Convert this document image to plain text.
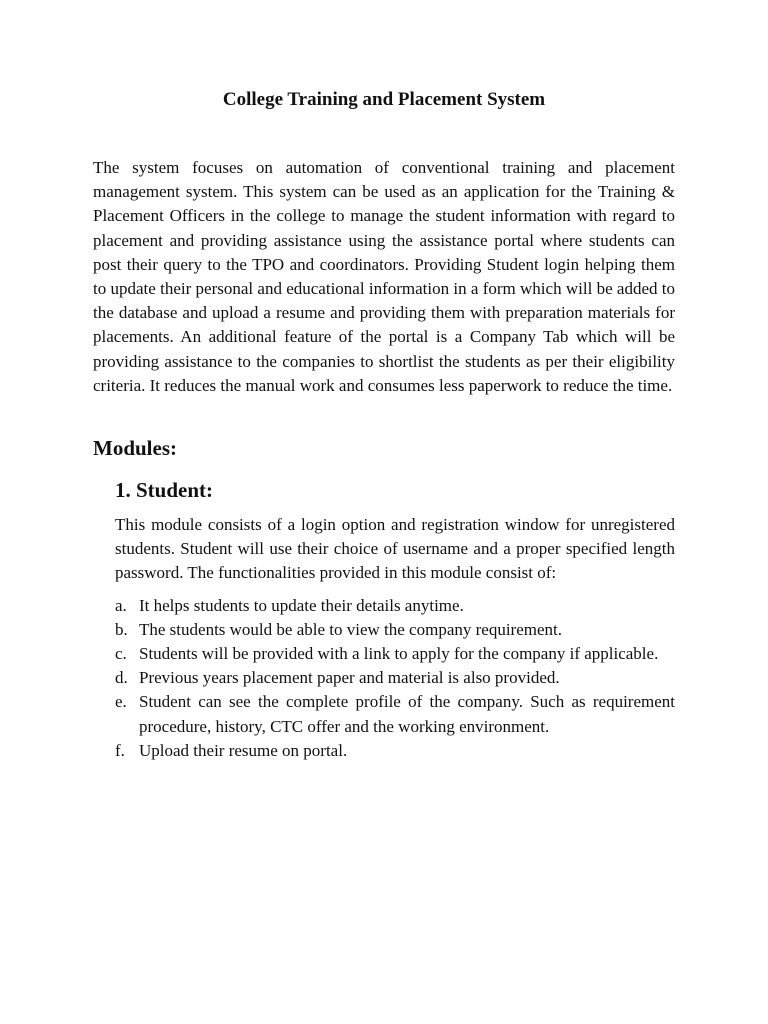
College Training and Placement System

The system focuses on automation of conventional training and placement management system. This system can be used as an application for the Training & Placement Officers in the college to manage the student information with regard to placement and providing assistance using the assistance portal where students can post their query to the TPO and coordinators. Providing Student login helping them to update their personal and educational information in a form which will be added to the database and upload a resume and providing them with preparation materials for placements. An additional feature of the portal is a Company Tab which will be providing assistance to the companies to shortlist the students as per their eligibility criteria. It reduces the manual work and consumes less paperwork to reduce the time.

Modules:
1. Student:

This module consists of a login option and registration window for unregistered students. Student will use their choice of username and a proper specified length password. The functionalities provided in this module consist of:

a. It helps students to update their details anytime.
b. The students would be able to view the company requirement.
c. Students will be provided with a link to apply for the company if applicable.
d. Previous years placement paper and material is also provided.
e. Student can see the complete profile of the company. Such as requirement procedure, history, CTC offer and the working environment.
f. Upload their resume on portal.
